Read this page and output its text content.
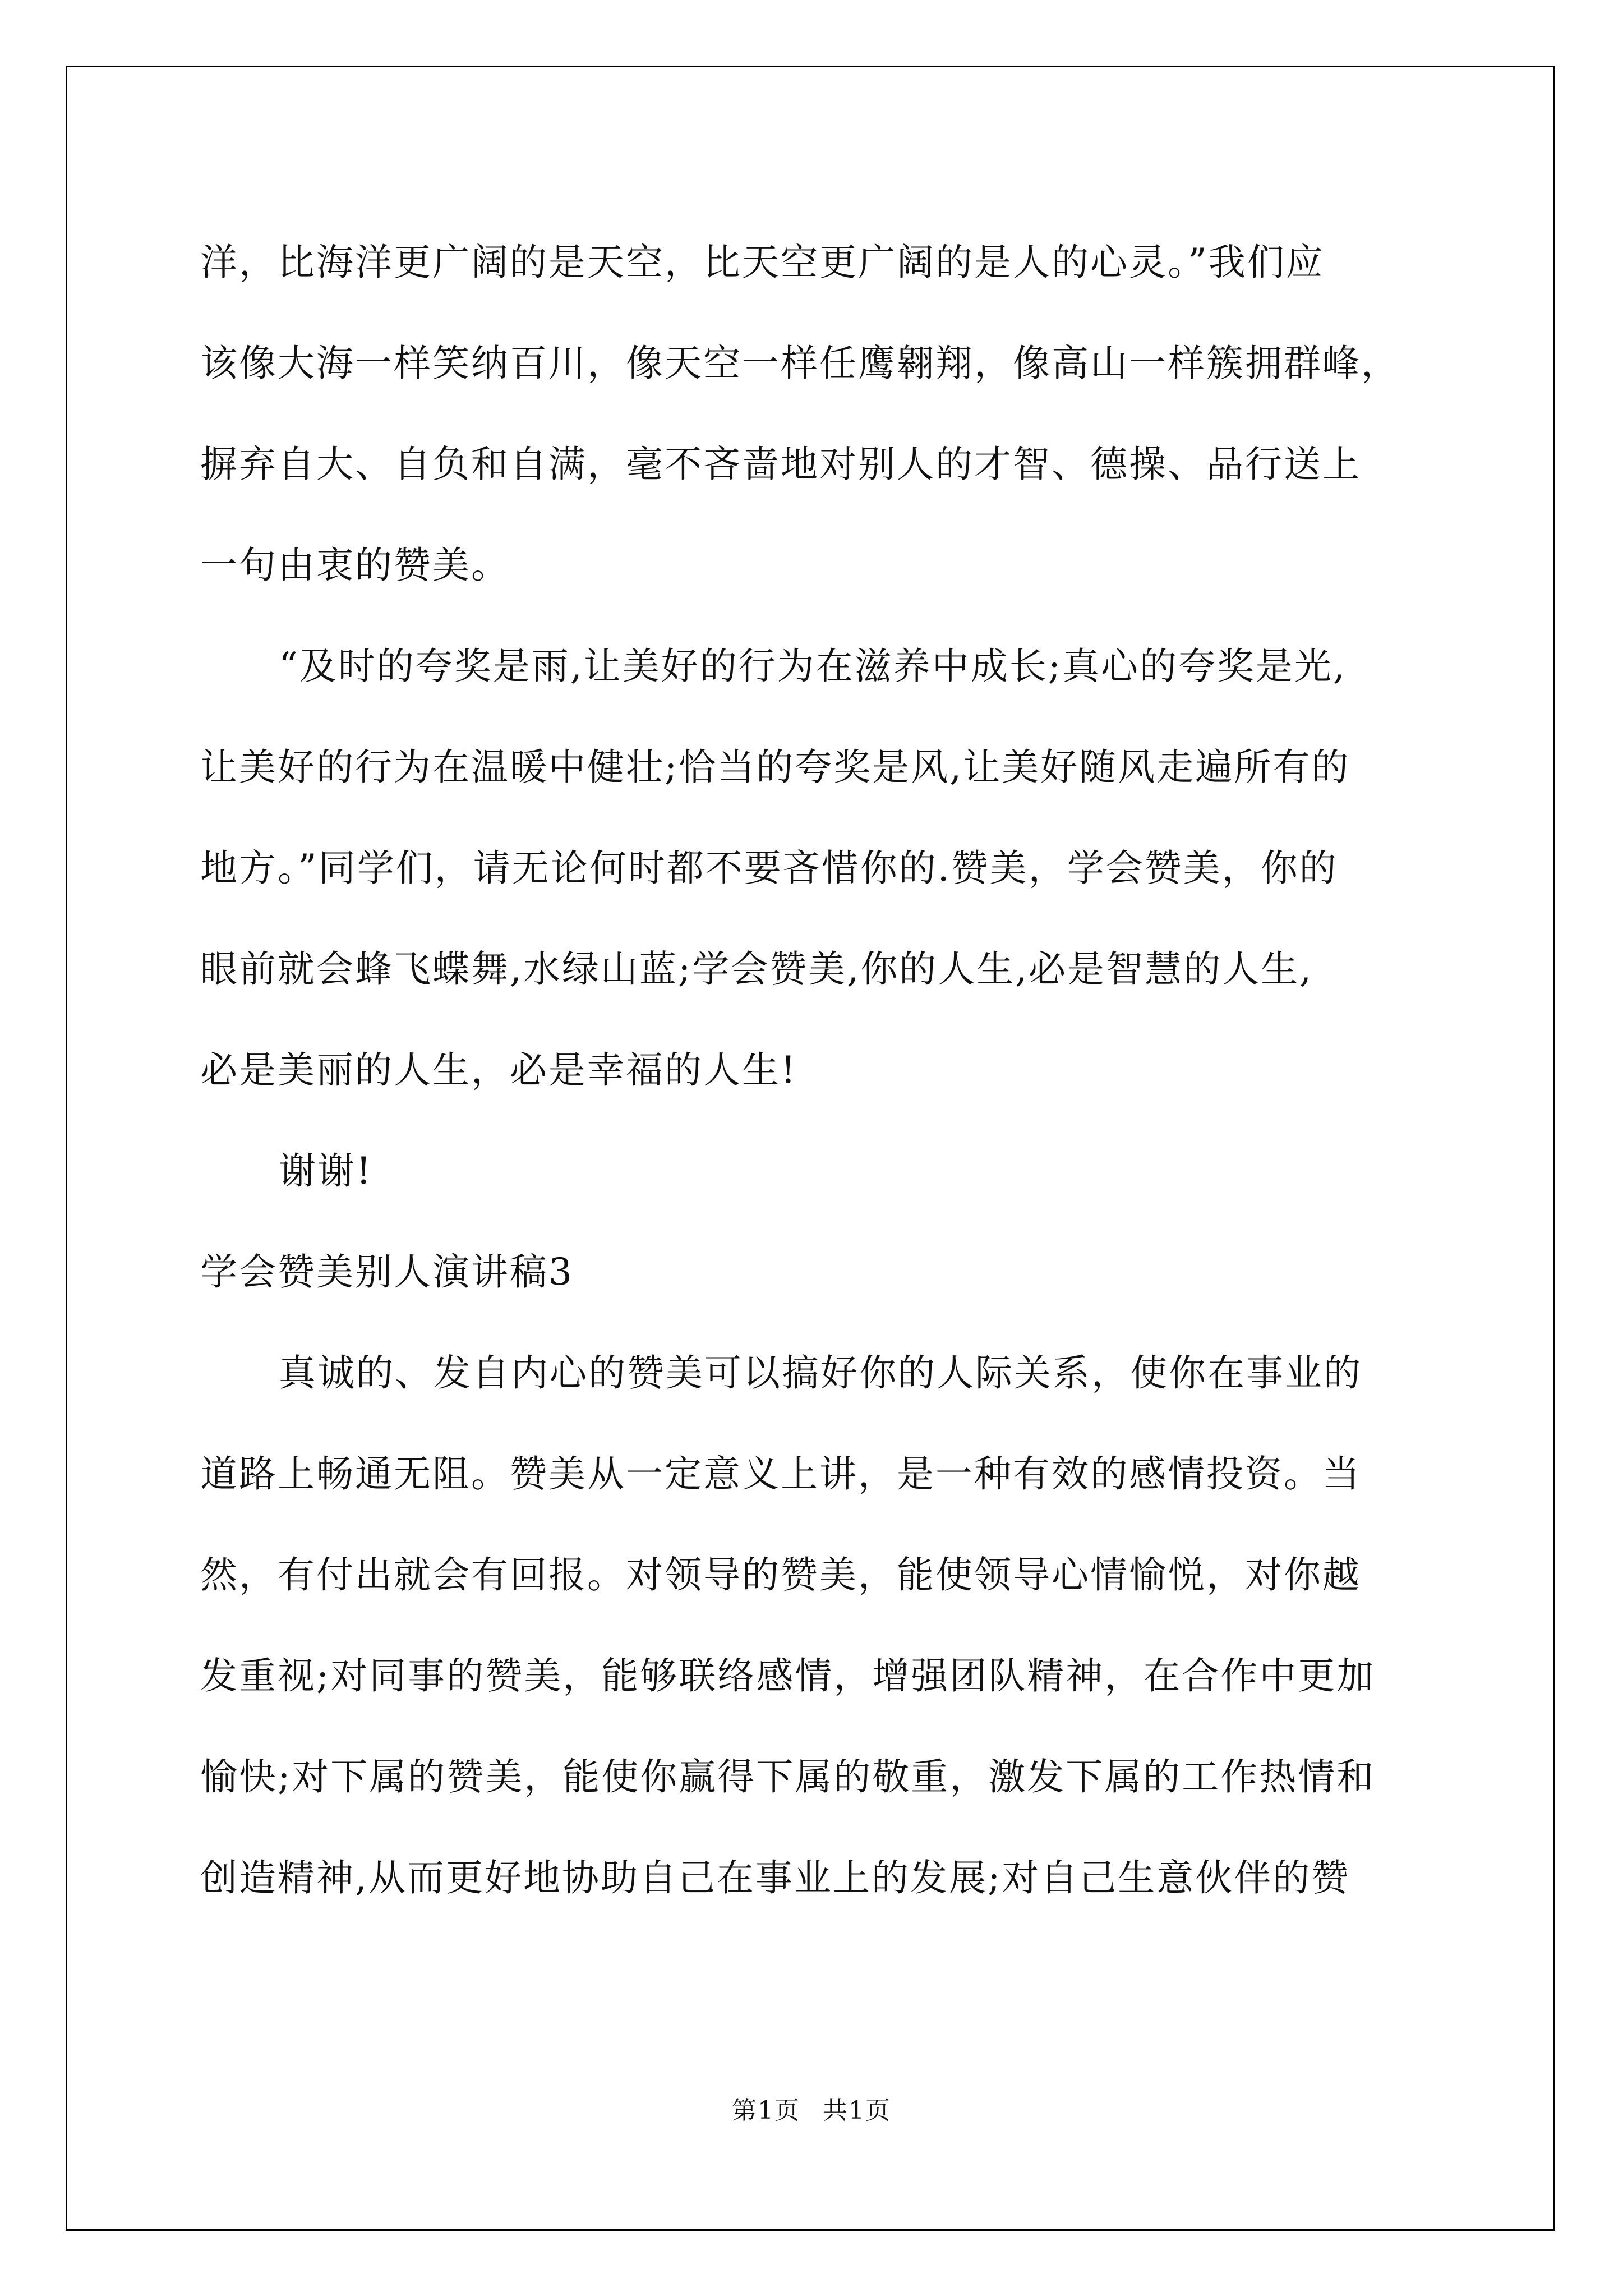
洋，比海洋更广阔的是天空，比天空更广阔的是人的心灵。”我们应
该像大海一样笑纳百川，像天空一样任鹰翱翔，像高山一样簇拥群峰，
摒弃自大、自负和自满，毫不吝啬地对别人的才智、德操、品行送上
一句由衷的赞美。
“及时的夸奖是雨,让美好的行为在滋养中成长;真心的夸奖是光,
让美好的行为在温暖中健壮;恰当的夸奖是风,让美好随风走遍所有的
地方。”同学们，请无论何时都不要吝惜你的.赞美，学会赞美，你的
眼前就会蜂飞蝶舞,水绿山蓝;学会赞美,你的人生,必是智慧的人生,
必是美丽的人生，必是幸福的人生!
谢谢!
学会赞美别人演讲稿3
真诚的、发自内心的赞美可以搞好你的人际关系，使你在事业的
道路上畅通无阻。赞美从一定意义上讲，是一种有效的感情投资。当
然，有付出就会有回报。对领导的赞美，能使领导心情愉悦，对你越
发重视;对同事的赞美，能够联络感情，增强团队精神，在合作中更加
愉快;对下属的赞美，能使你赢得下属的敬重，激发下属的工作热情和
创造精神,从而更好地协助自己在事业上的发展;对自己生意伙伴的赞
第1页 共1页
